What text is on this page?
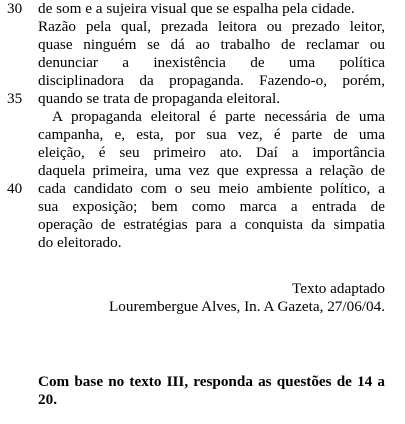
30
35
40
de som e a sujeira visual que se espalha pela cidade.
Razão pela qual, prezada leitora ou prezado leitor,
quase ninguém se dá ao trabalho de reclamar ou
denunciar a inexistência de uma política
disciplinadora da propaganda. Fazendo-o, porém,
quando se trata de propaganda eleitoral.
A propaganda eleitoral é parte necessária de uma
campanha, e, esta, por sua vez, é parte de uma
eleição, é seu primeiro ato. Daí a importância
daquela primeira, uma vez que expressa a relação de
cada candidato com o seu meio ambiente político, a
sua exposição; bem como marca a entrada de
operação de estratégias para a conquista da simpatia
do eleitorado.
Texto adaptado
Lourembergue Alves, In. A Gazeta, 27/06/04.
Com base no texto III, responda as questões de 14 a
20.
